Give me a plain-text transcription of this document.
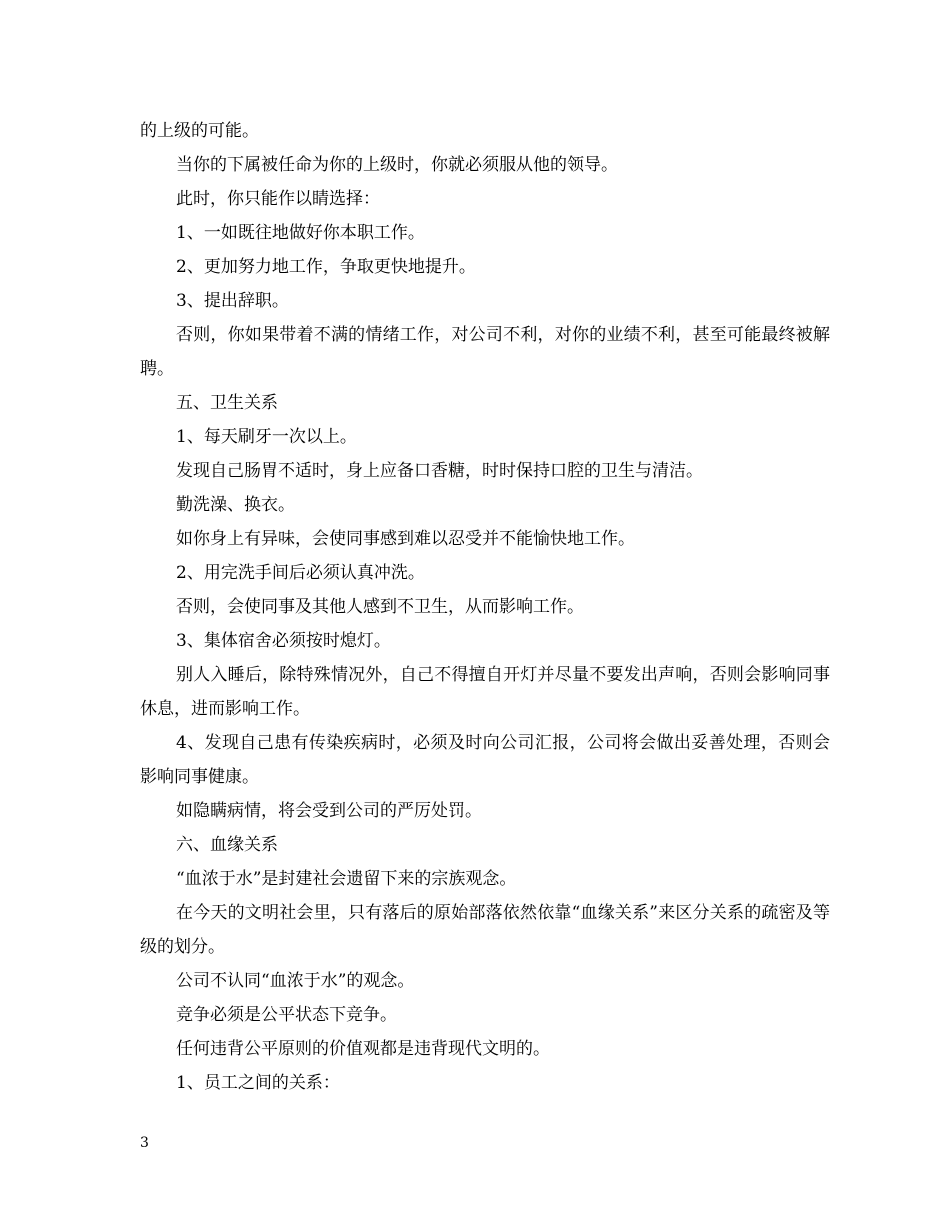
的上级的可能。

当你的下属被任命为你的上级时，你就必须服从他的领导。

此时，你只能作以睛选择：

1、一如既往地做好你本职工作。

2、更加努力地工作，争取更快地提升。

3、提出辞职。

否则，你如果带着不满的情绪工作，对公司不利，对你的业绩不利，甚至可能最终被解聘。

五、卫生关系

1、每天刷牙一次以上。

发现自己肠胃不适时，身上应备口香糖，时时保持口腔的卫生与清洁。

勤洗澡、换衣。

如你身上有异味，会使同事感到难以忍受并不能愉快地工作。

2、用完洗手间后必须认真冲洗。

否则，会使同事及其他人感到不卫生，从而影响工作。

3、集体宿舍必须按时熄灯。

别人入睡后，除特殊情况外，自己不得擅自开灯并尽量不要发出声响，否则会影响同事休息，进而影响工作。

4、发现自己患有传染疾病时，必须及时向公司汇报，公司将会做出妥善处理，否则会影响同事健康。

如隐瞒病情，将会受到公司的严厉处罚。

六、血缘关系

“血浓于水”是封建社会遗留下来的宗族观念。

在今天的文明社会里，只有落后的原始部落依然依靠“血缘关系”来区分关系的疏密及等级的划分。

公司不认同“血浓于水”的观念。

竞争必须是公平状态下竞争。

任何违背公平原则的价值观都是违背现代文明的。

1、员工之间的关系：

3
